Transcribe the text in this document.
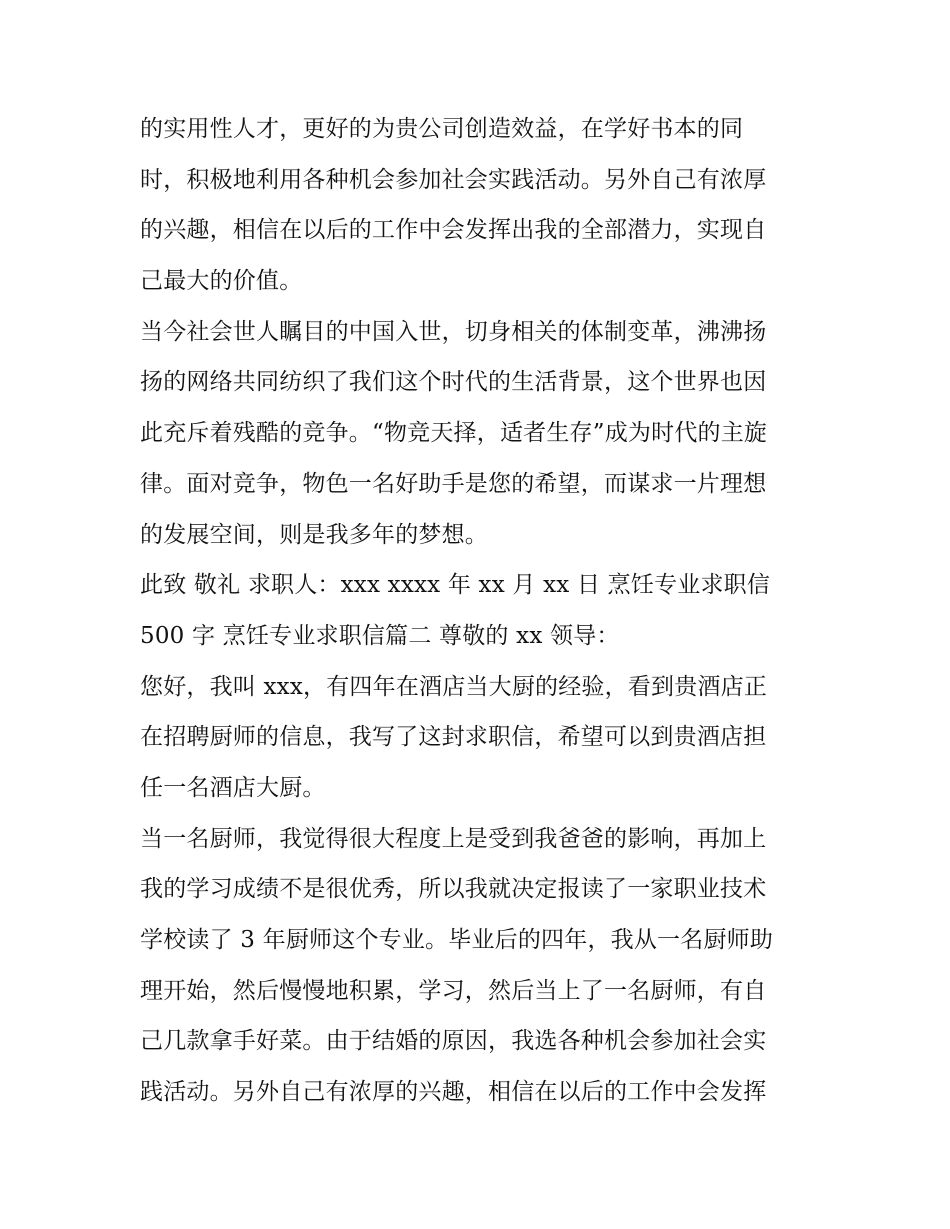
的实用性人才，更好的为贵公司创造效益，在学好书本的同
时，积极地利用各种机会参加社会实践活动。另外自己有浓厚
的兴趣，相信在以后的工作中会发挥出我的全部潜力，实现自
己最大的价值。
当今社会世人瞩目的中国入世，切身相关的体制变革，沸沸扬
扬的网络共同纺织了我们这个时代的生活背景，这个世界也因
此充斥着残酷的竞争。“物竞天择，适者生存”成为时代的主旋
律。面对竞争，物色一名好助手是您的希望，而谋求一片理想
的发展空间，则是我多年的梦想。
此致 敬礼 求职人：xxx xxxx 年 xx 月 xx 日 烹饪专业求职信
500 字 烹饪专业求职信篇二 尊敬的 xx 领导：
您好，我叫 xxx，有四年在酒店当大厨的经验，看到贵酒店正
在招聘厨师的信息，我写了这封求职信，希望可以到贵酒店担
任一名酒店大厨。
当一名厨师，我觉得很大程度上是受到我爸爸的影响，再加上
我的学习成绩不是很优秀，所以我就决定报读了一家职业技术
学校读了 3 年厨师这个专业。毕业后的四年，我从一名厨师助
理开始，然后慢慢地积累，学习，然后当上了一名厨师，有自
己几款拿手好菜。由于结婚的原因，我选各种机会参加社会实
践活动。另外自己有浓厚的兴趣，相信在以后的工作中会发挥
